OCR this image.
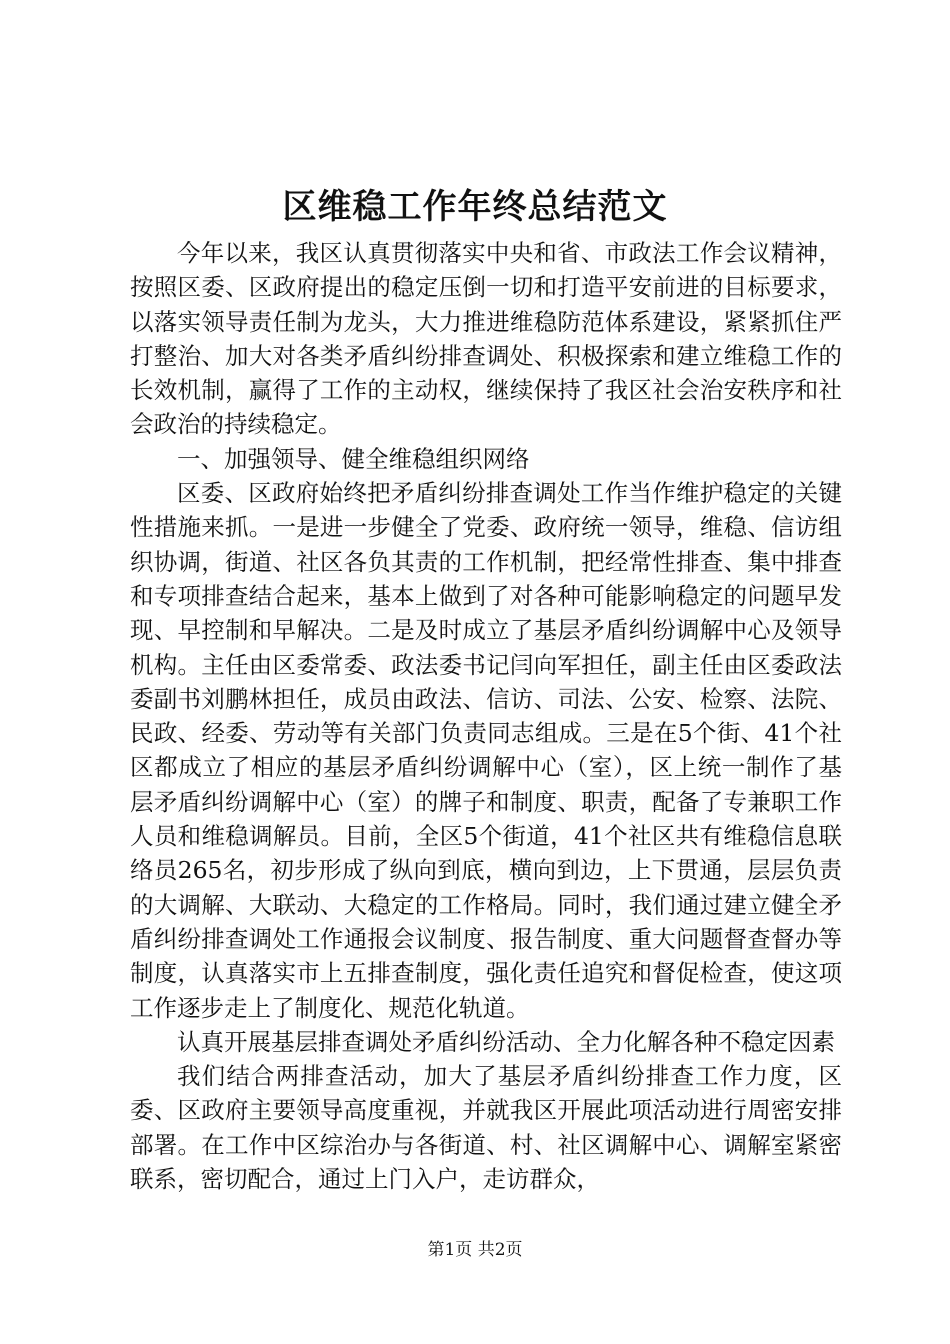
区维稳工作年终总结范文

今年以来，我区认真贯彻落实中央和省、市政法工作会议精神，按照区委、区政府提出的稳定压倒一切和打造平安前进的目标要求，以落实领导责任制为龙头，大力推进维稳防范体系建设，紧紧抓住严打整治、加大对各类矛盾纠纷排查调处、积极探索和建立维稳工作的长效机制，赢得了工作的主动权，继续保持了我区社会治安秩序和社会政治的持续稳定。

一、加强领导、健全维稳组织网络

区委、区政府始终把矛盾纠纷排查调处工作当作维护稳定的关键性措施来抓。一是进一步健全了党委、政府统一领导，维稳、信访组织协调，街道、社区各负其责的工作机制，把经常性排查、集中排查和专项排查结合起来，基本上做到了对各种可能影响稳定的问题早发现、早控制和早解决。二是及时成立了基层矛盾纠纷调解中心及领导机构。主任由区委常委、政法委书记闫向军担任，副主任由区委政法委副书刘鹏林担任，成员由政法、信访、司法、公安、检察、法院、民政、经委、劳动等有关部门负责同志组成。三是在5个街、41个社区都成立了相应的基层矛盾纠纷调解中心（室），区上统一制作了基层矛盾纠纷调解中心（室）的牌子和制度、职责，配备了专兼职工作人员和维稳调解员。目前，全区5个街道，41个社区共有维稳信息联络员265名，初步形成了纵向到底，横向到边，上下贯通，层层负责的大调解、大联动、大稳定的工作格局。同时，我们通过建立健全矛盾纠纷排查调处工作通报会议制度、报告制度、重大问题督查督办等制度，认真落实市上五排查制度，强化责任追究和督促检查，使这项工作逐步走上了制度化、规范化轨道。

认真开展基层排查调处矛盾纠纷活动、全力化解各种不稳定因素

我们结合两排查活动，加大了基层矛盾纠纷排查工作力度，区委、区政府主要领导高度重视，并就我区开展此项活动进行周密安排部署。在工作中区综治办与各街道、村、社区调解中心、调解室紧密联系，密切配合，通过上门入户，走访群众，

第1页 共2页
